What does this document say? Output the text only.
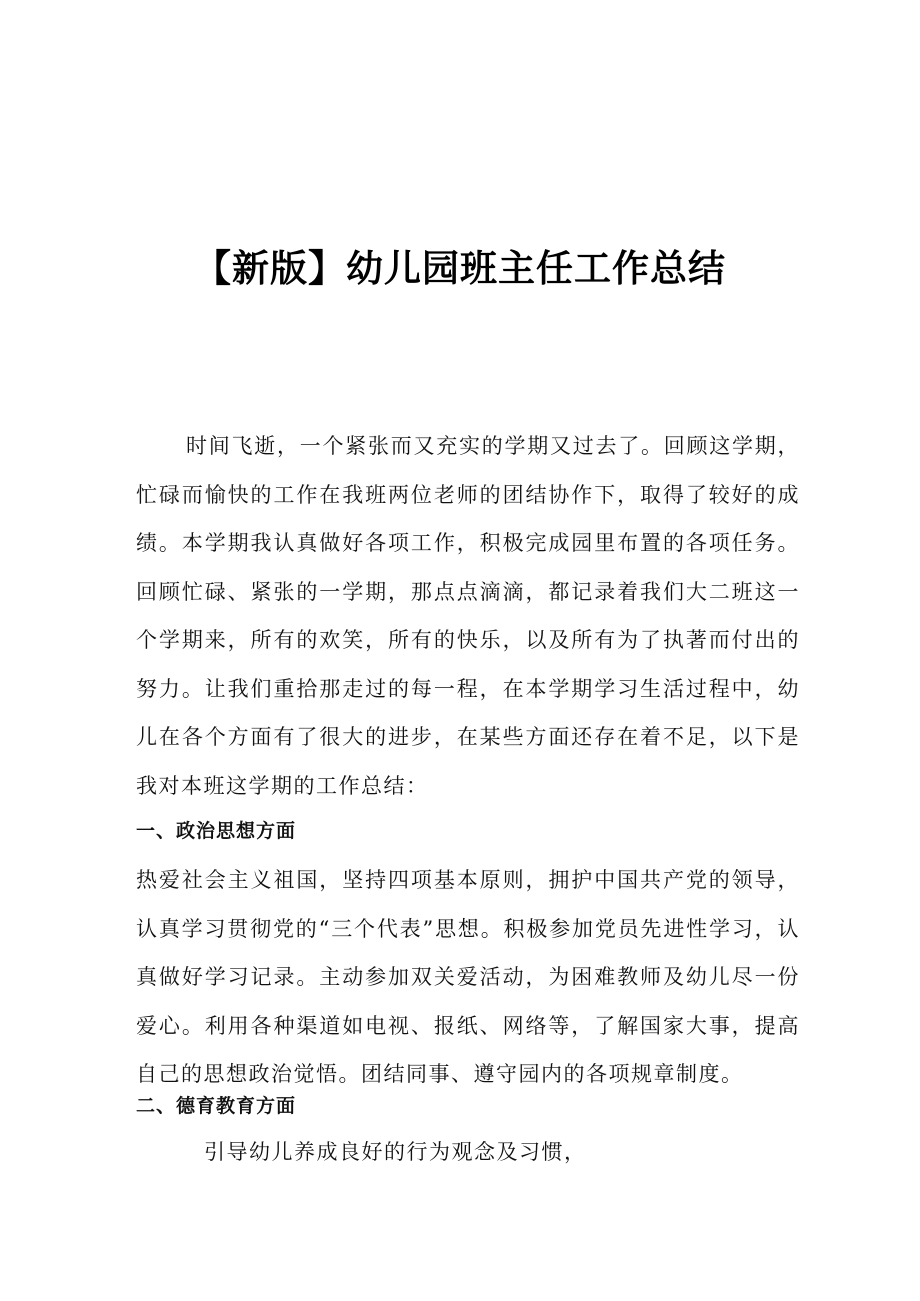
【新版】幼儿园班主任工作总结

时间飞逝，一个紧张而又充实的学期又过去了。回顾这学期，忙碌而愉快的工作在我班两位老师的团结协作下，取得了较好的成绩。本学期我认真做好各项工作，积极完成园里布置的各项任务。回顾忙碌、紧张的一学期，那点点滴滴，都记录着我们大二班这一个学期来，所有的欢笑，所有的快乐，以及所有为了执著而付出的努力。让我们重拾那走过的每一程，在本学期学习生活过程中，幼儿在各个方面有了很大的进步，在某些方面还存在着不足，以下是我对本班这学期的工作总结：

一、政治思想方面

热爱社会主义祖国，坚持四项基本原则，拥护中国共产党的领导，认真学习贯彻党的“三个代表”思想。积极参加党员先进性学习，认真做好学习记录。主动参加双关爱活动，为困难教师及幼儿尽一份爱心。利用各种渠道如电视、报纸、网络等，了解国家大事，提高自己的思想政治觉悟。团结同事、遵守园内的各项规章制度。

二、德育教育方面

引导幼儿养成良好的行为观念及习惯，
